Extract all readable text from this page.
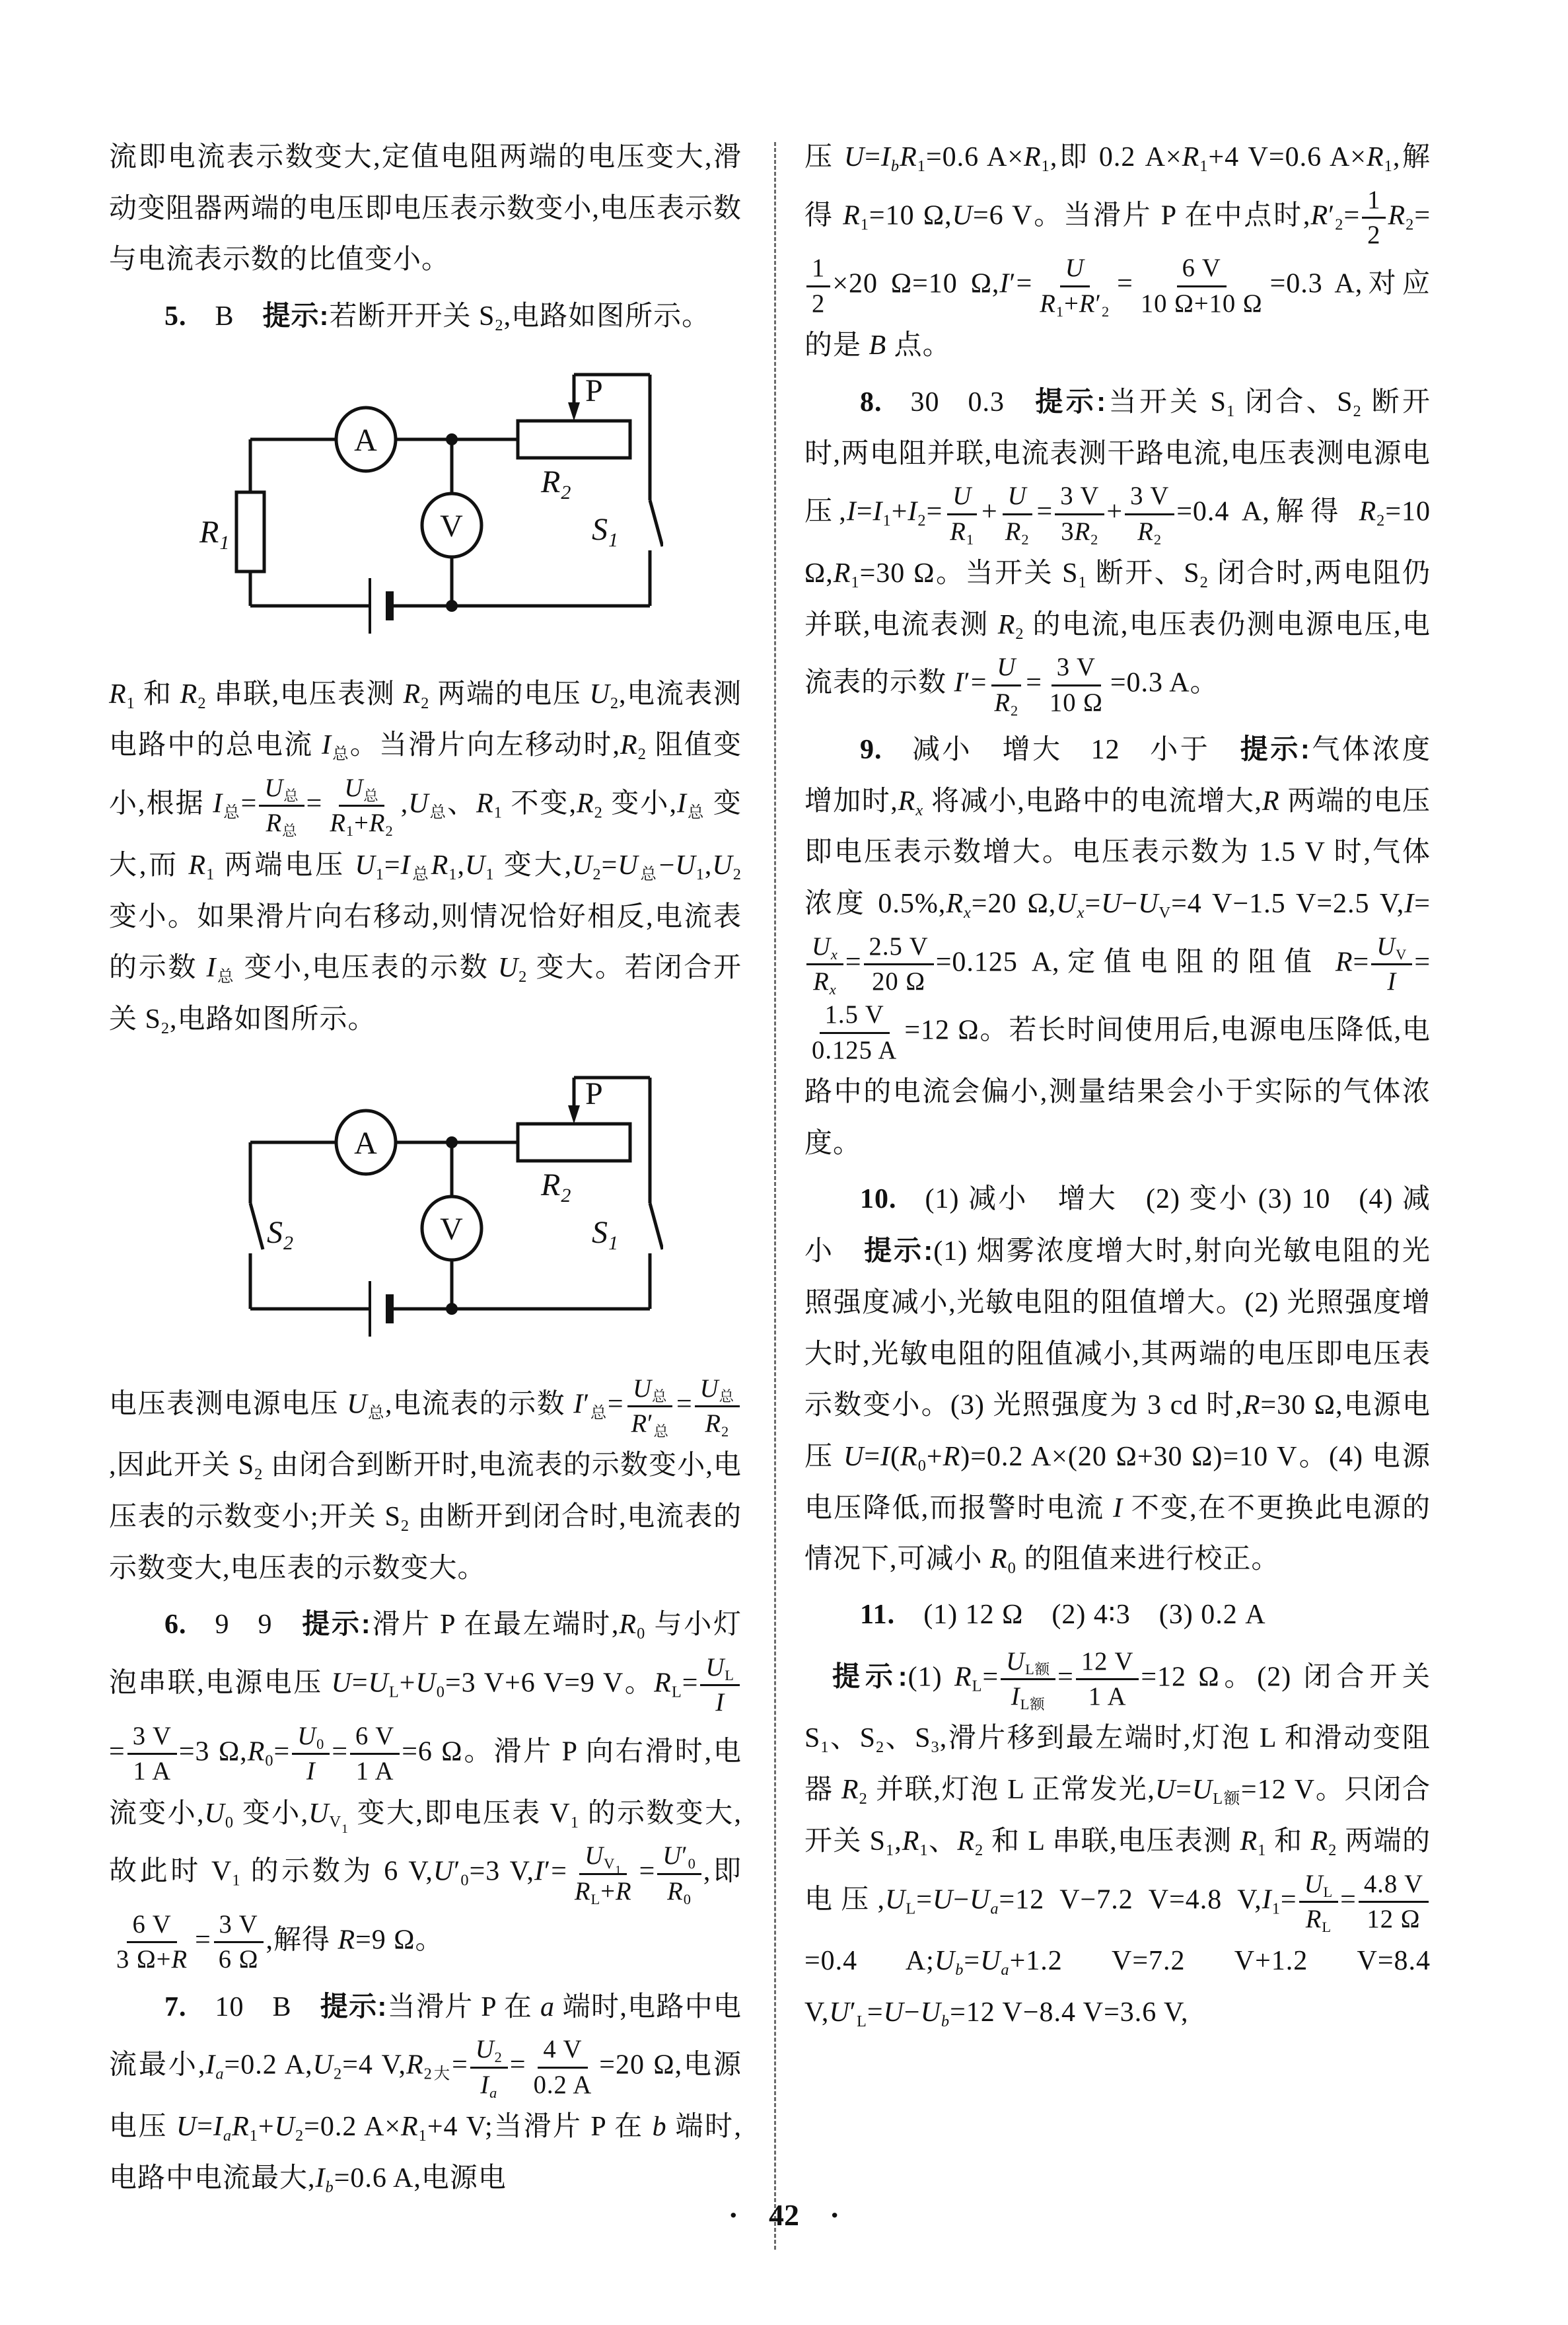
流即电流表示数变大,定值电阻两端的电压变大,滑动变阻器两端的电压即电压表示数变小,电压表示数与电流表示数的比值变小。

5. B 提示:若断开开关 $S_2$,电路如图所示。

A
V
P
$R_2$
$R_1$	$S_1$

$R_1$ 和 $R_2$ 串联,电压表测 $R_2$ 两端的电压 $U_2$,电流表测电路中的总电流 $I_总$。当滑片向左移动时$,R_2$ 阻值变小,根据 $I_总= \frac{U_总}{R_总} = \frac{U_总}{R_1+R_2} ,U_总$、$R_1$ 不变$,R_2$ 变小$,I_总$ 变大,而 $R_1$ 两端电压 $U_1=I_总R_1,U_1$ 变大$,U_2=U_总-U_1,U_2$ 变小。如果滑片向右移动,则情况恰好相反,电流表的示数 $I_总$ 变小,电压表的示数 $U_2$ 变大。若闭合开关 $S_2$,电路如图所示。

A
V
P
$R_2$
$S_2$	$S_1$

电压表测电源电压 $U_总$,电流表的示数 $I'_总= \frac{U_总}{R'_总} = \frac{U_总}{R_2}$
,因此开关 $S_2$ 由闭合到断开时,电流表的示数变小,电压表的示数变小;开关 $S_2$ 由断开到闭合时,电流表的示数变大,电压表的示数变大。

6. 9 9 提示:滑片 P 在最左端时$,R_0$ 与小灯泡串联,电源电压 $U=U_L+U_0=3$ V+6 V=9 V。$R_L= \frac{U_L}{I}$
= $\frac{3 V}{1 A} =3$ $\Omega,R_0= \frac{U_0}{I} = \frac{6 V}{1 A} =6$ Ω。滑片 P 向右滑时,电流变小$,U_0$ 变小$,U_{V_1}$ 变大,即电压表 $V_1$ 的示数变大,故此时 $V_1$ 的示数为 6 $V,U'_0=3$ $V,I'= \frac{U_{V_1}}{R_L+R} = \frac{U'_0}{R_0}$ ,即
$\frac{6 V}{3 \Omega+R} = \frac{3 V}{6 \Omega}$ ,解得 R=9 Ω。

7. 10 B 提示:当滑片 P 在 a 端时,电路中电流最小$,I_a=0.2$ $A,U_2=4$ $V,R_{2大}= \frac{U_2}{I_a} = \frac{4 V}{0.2 A} =20$ Ω,电源电压 $U=I_aR_1+U_2=0.2$ $A\times R_1+4$ V;当滑片 P 在 b 端时,电路中电流最大$,I_b=0.6$ A,电源电

压 $U=I_bR_1=0.6$ $A\times R_1$,即 0.2 $A\times R_1+4$ V=0.6 $A\times R_1$,解得 $R_1=10$ Ω,U=6 V。当滑片 P 在中点时$,R'_2= \frac{1}{2} R_2=$
$\frac{1}{2} \times 20$ Ω=10 $\Omega,I'= \frac{U}{R_1+R'_2} = \frac{6 V}{10 \Omega+10 \Omega} =0.3$ A,对应的是 B 点。

8. 30 0.3 提示:当开关 $S_1$ 闭合、$S_2$ 断开时,两电阻并联,电流表测干路电流,电压表测电源电压$,I=I_1+I_2= \frac{U}{R_1} + \frac{U}{R_2} = \frac{3 V}{3R_2} + \frac{3 V}{R_2} =0.4$ A,解得 $R_2=10$ $\Omega,R_1=30$ Ω。当开关 $S_1$ 断开、$S_2$ 闭合时,两电阻仍并联,电流表测 $R_2$ 的电流,电压表仍测电源电压,电流表的示数 $I'= \frac{U}{R_2} = \frac{3 V}{10 \Omega} =0.3$ A。

9. 减小 增大 12 小于 提示:气体浓度增加时$,R_x$ 将减小,电路中的电流增大,R 两端的电压即电压表示数增大。电压表示数为 1.5 V 时,气体浓度 $0.5\%,R_x=20$ $\Omega,U_x=U-U_V=4$ V−1.5 V=2.5 V,I=
$\frac{U_x}{R_x} = \frac{2.5 V}{20 \Omega} =0.125$ A,定值电阻的阻值 $R= \frac{U_V}{I}$ =
$\frac{1.5 V}{0.125 A} =12$ Ω。若长时间使用后,电源电压降低,电路中的电流会偏小,测量结果会小于实际的气体浓度。

10. (1) 减小 增大 (2) 变小 (3) 10 (4) 减小 提示:(1) 烟雾浓度增大时,射向光敏电阻的光照强度减小,光敏电阻的阻值增大。(2) 光照强度增大时,光敏电阻的阻值减小,其两端的电压即电压表示数变小。(3) 光照强度为 3 cd 时,R=30 Ω,电源电压 $U=I(R_0+R)=0.2$ A×(20 Ω+30 Ω)=10 V。(4) 电源电压降低,而报警时电流 I 不变,在不更换此电源的情况下,可减小 $R_0$ 的阻值来进行校正。

11. (1) 12 Ω (2) 4∶3 (3) 0.2 A

提示:(1) $R_L= \frac{U_{L额}}{I_{L额}} = \frac{12 V}{1 A} =12$ Ω。(2) 闭合开关 $S_1$、$S_2$、$S_3$,滑片移到最左端时,灯泡 L 和滑动变阻器 $R_2$ 并联,灯泡 L 正常发光$,U=U_{L额}=12$ V。只闭合开关 $S_1,R_1$、$R_2$ 和 L 串联,电压表测 $R_1$ 和 $R_2$ 两端的电压$,U_L=U-U_a=12$ V−7.2 V=4.8 $V,I_1= \frac{U_L}{R_L} = \frac{4.8 V}{12 \Omega}$
=0.4 $A;U_b=U_a+1.2$ V=7.2 V+1.2 V=8.4 $V,U'_L=U-U_b=12$ V−8.4 V=3.6 V,

· 42 ·
